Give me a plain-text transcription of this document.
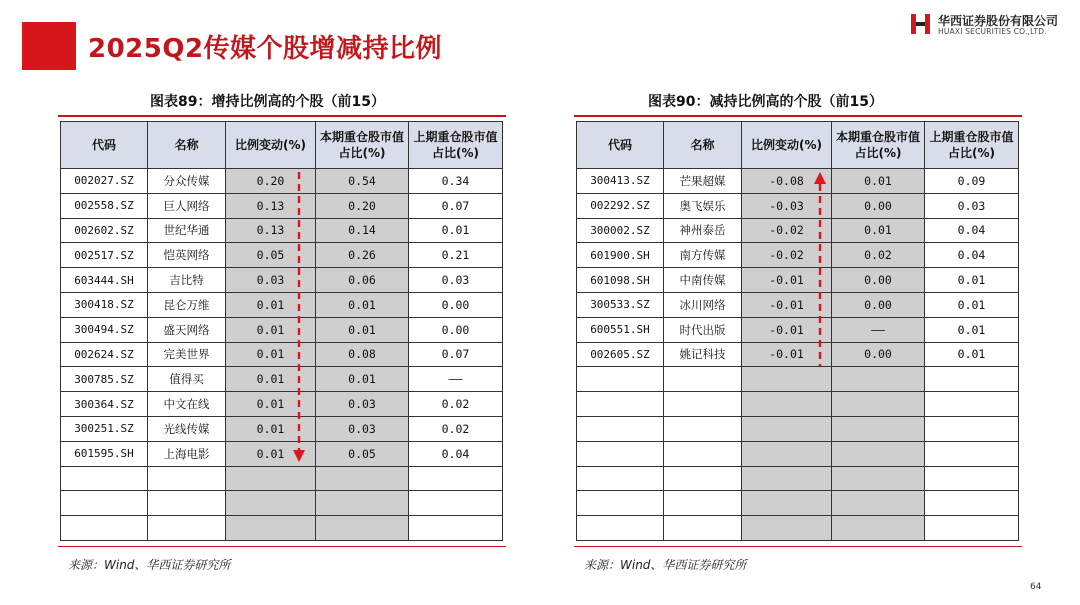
2025Q2传媒个股增减持比例
华西证券股份有限公司
HUAXI SECURITIES CO.,LTD.
图表89：增持比例高的个股（前15）	图表90：减持比例高的个股（前15）
代码	名称	比例变动(%)	本期重仓股市值占比(%)	上期重仓股市值占比(%)
002027.SZ	分众传媒	0.20	0.54	0.34
002558.SZ	巨人网络	0.13	0.20	0.07
002602.SZ	世纪华通	0.13	0.14	0.01
002517.SZ	恺英网络	0.05	0.26	0.21
603444.SH	吉比特	0.03	0.06	0.03
300418.SZ	昆仑万维	0.01	0.01	0.00
300494.SZ	盛天网络	0.01	0.01	0.00
002624.SZ	完美世界	0.01	0.08	0.07
300785.SZ	值得买	0.01	0.01	——
300364.SZ	中文在线	0.01	0.03	0.02
300251.SZ	光线传媒	0.01	0.03	0.02
601595.SH	上海电影	0.01	0.05	0.04

代码	名称	比例变动(%)	本期重仓股市值占比(%)	上期重仓股市值占比(%)
300413.SZ	芒果超媒	-0.08	0.01	0.09
002292.SZ	奥飞娱乐	-0.03	0.00	0.03
300002.SZ	神州泰岳	-0.02	0.01	0.04
601900.SH	南方传媒	-0.02	0.02	0.04
601098.SH	中南传媒	-0.01	0.00	0.01
300533.SZ	冰川网络	-0.01	0.00	0.01
600551.SH	时代出版	-0.01	——	0.01
002605.SZ	姚记科技	-0.01	0.00	0.01

来源：Wind、华西证券研究所	来源：Wind、华西证券研究所
64
